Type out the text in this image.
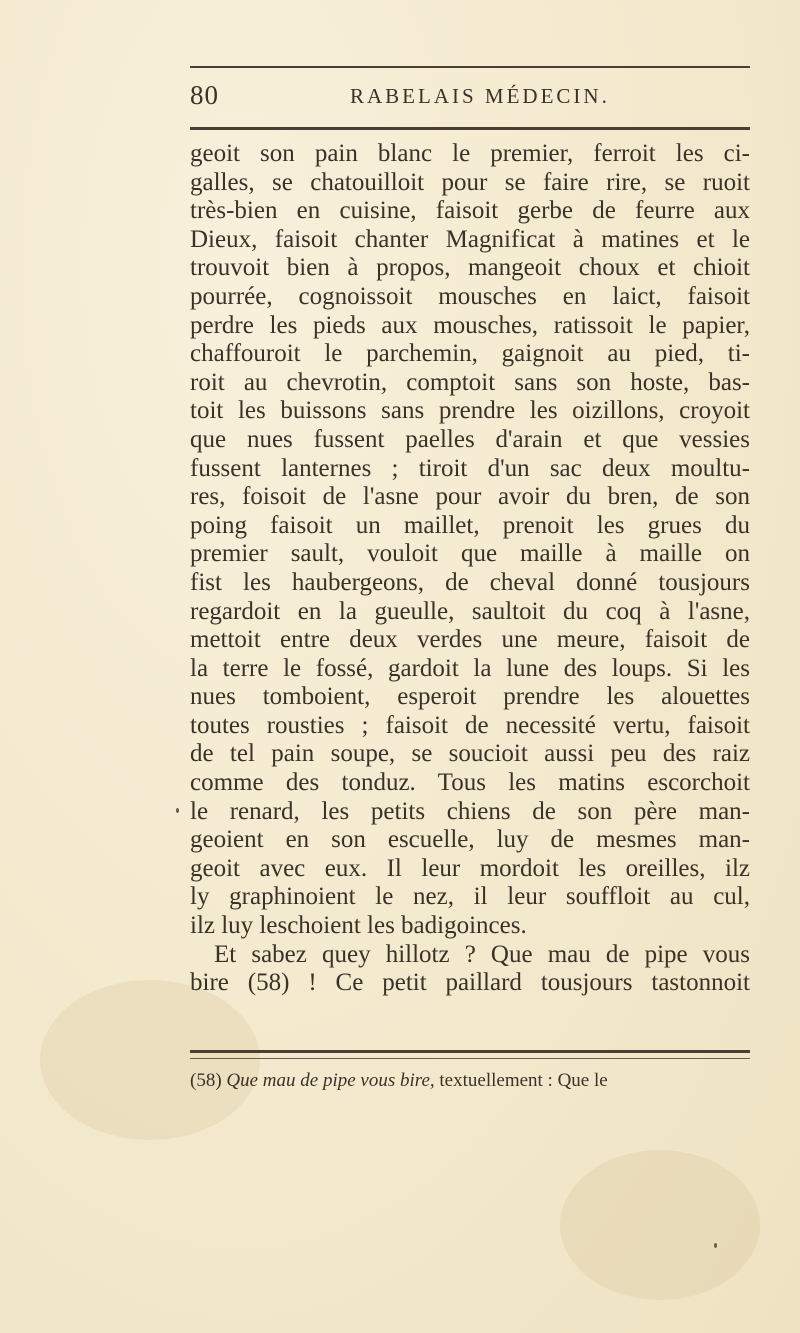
80	RABELAIS MÉDECIN.
geoit son pain blanc le premier, ferroit les ci-
galles, se chatouilloit pour se faire rire, se ruoit
très-bien en cuisine, faisoit gerbe de feurre aux
Dieux, faisoit chanter Magnificat à matines et le
trouvoit bien à propos, mangeoit choux et chioit
pourrée, cognoissoit mousches en laict, faisoit
perdre les pieds aux mousches, ratissoit le papier,
chaffouroit le parchemin, gaignoit au pied, ti-
roit au chevrotin, comptoit sans son hoste, bas-
toit les buissons sans prendre les oizillons, croyoit
que nues fussent paelles d'arain et que vessies
fussent lanternes ; tiroit d'un sac deux moultu-
res, foisoit de l'asne pour avoir du bren, de son
poing faisoit un maillet, prenoit les grues du
premier sault, vouloit que maille à maille on
fist les haubergeons, de cheval donné tousjours
regardoit en la gueulle, saultoit du coq à l'asne,
mettoit entre deux verdes une meure, faisoit de
la terre le fossé, gardoit la lune des loups. Si les
nues tomboient, esperoit prendre les alouettes
toutes rousties ; faisoit de necessité vertu, faisoit
de tel pain soupe, se soucioit aussi peu des raiz
comme des tonduz. Tous les matins escorchoit
le renard, les petits chiens de son père man-
geoient en son escuelle, luy de mesmes man-
geoit avec eux. Il leur mordoit les oreilles, ilz
ly graphinoient le nez, il leur souffloit au cul,
ilz luy leschoient les badigoinces.
Et sabez quey hillotz ? Que mau de pipe vous
bire (58) ! Ce petit paillard tousjours tastonnoit
(58) Que mau de pipe vous bire, textuellement : Que le
